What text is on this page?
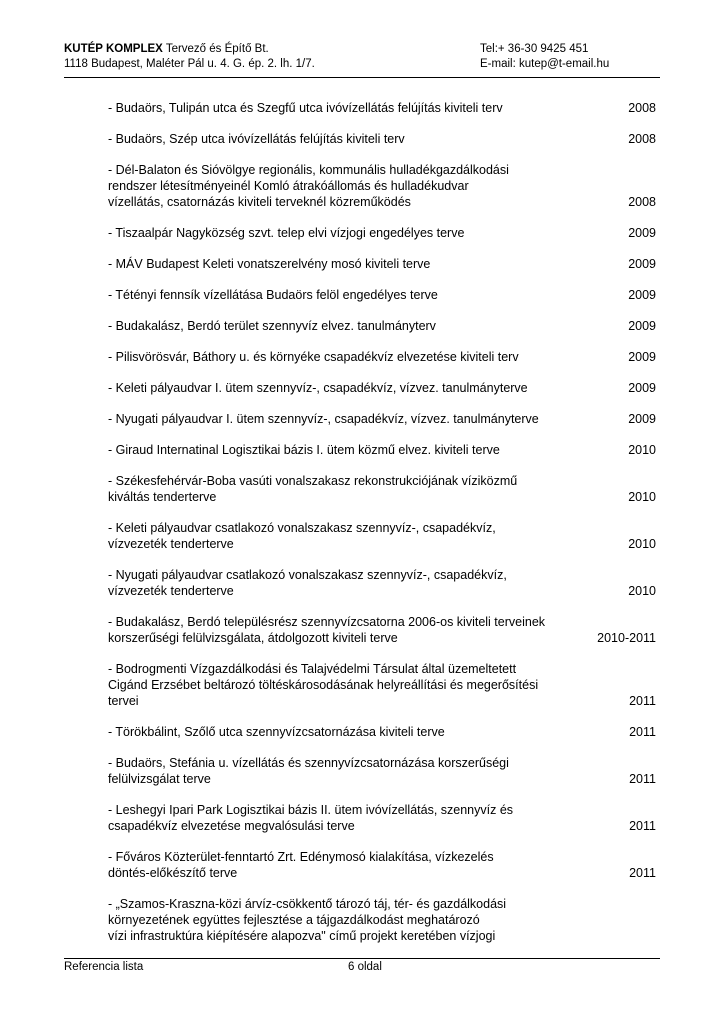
KUTÉP KOMPLEX Tervező és Építő Bt.	Tel:+ 36-30 9425 451
1118 Budapest, Maléter Pál u. 4. G. ép. 2. lh. 1/7.	E-mail: kutep@t-email.hu
- Budaörs, Tulipán utca és Szegfű utca ivóvízellátás felújítás kiviteli terv	2008
- Budaörs, Szép utca ivóvízellátás felújítás kiviteli terv	2008
- Dél-Balaton és Sióvölgye regionális, kommunális hulladékgazdálkodási
rendszer létesítményeinél Komló átrakóállomás és hulladékudvar
vízellátás, csatornázás kiviteli terveknél közreműködés	2008
- Tiszaalpár Nagyközség szvt. telep elvi vízjogi engedélyes terve	2009
- MÁV Budapest Keleti vonatszerelvény mosó kiviteli terve	2009
- Tétényi fennsík vízellátása Budaörs felöl engedélyes terve	2009
- Budakalász, Berdó terület szennyvíz elvez. tanulmányterv	2009
- Pilisvörösvár, Báthory u. és környéke csapadékvíz elvezetése kiviteli terv	2009
- Keleti pályaudvar I. ütem szennyvíz-, csapadékvíz, vízvez. tanulmányterve	2009
- Nyugati pályaudvar I. ütem szennyvíz-, csapadékvíz, vízvez. tanulmányterve	2009
- Giraud Internatinal Logisztikai bázis I. ütem közmű elvez. kiviteli terve	2010
- Székesfehérvár-Boba vasúti vonalszakasz rekonstrukciójának víziközmű
kiváltás tenderterve	2010
- Keleti pályaudvar csatlakozó vonalszakasz szennyvíz-, csapadékvíz,
vízvezeték tenderterve	2010
- Nyugati pályaudvar csatlakozó vonalszakasz szennyvíz-, csapadékvíz,
vízvezeték tenderterve	2010
- Budakalász, Berdó településrész szennyvízcsatorna 2006-os kiviteli terveinek
korszerűségi felülvizsgálata, átdolgozott kiviteli terve	2010-2011
- Bodrogmenti Vízgazdálkodási és Talajvédelmi Társulat által üzemeltetett
Cigánd Erzsébet beltározó töltéskárosodásának helyreállítási és megerősítési
tervei	2011
- Törökbálint, Szőlő utca szennyvízcsatornázása kiviteli terve	2011
- Budaörs, Stefánia u. vízellátás és szennyvízcsatornázása korszerűségi
felülvizsgálat terve	2011
- Leshegyi Ipari Park Logisztikai bázis II. ütem ivóvízellátás, szennyvíz és
csapadékvíz elvezetése megvalósulási terve	2011
- Főváros Közterület-fenntartó Zrt. Edénymosó kialakítása, vízkezelés
döntés-előkészítő terve	2011
- „Szamos-Kraszna-közi árvíz-csökkentő tározó táj, tér- és gazdálkodási
környezetének együttes fejlesztése a tájgazdálkodást meghatározó
vízi infrastruktúra kiépítésére alapozva" című projekt keretében vízjogi
Referencia lista	6 oldal
